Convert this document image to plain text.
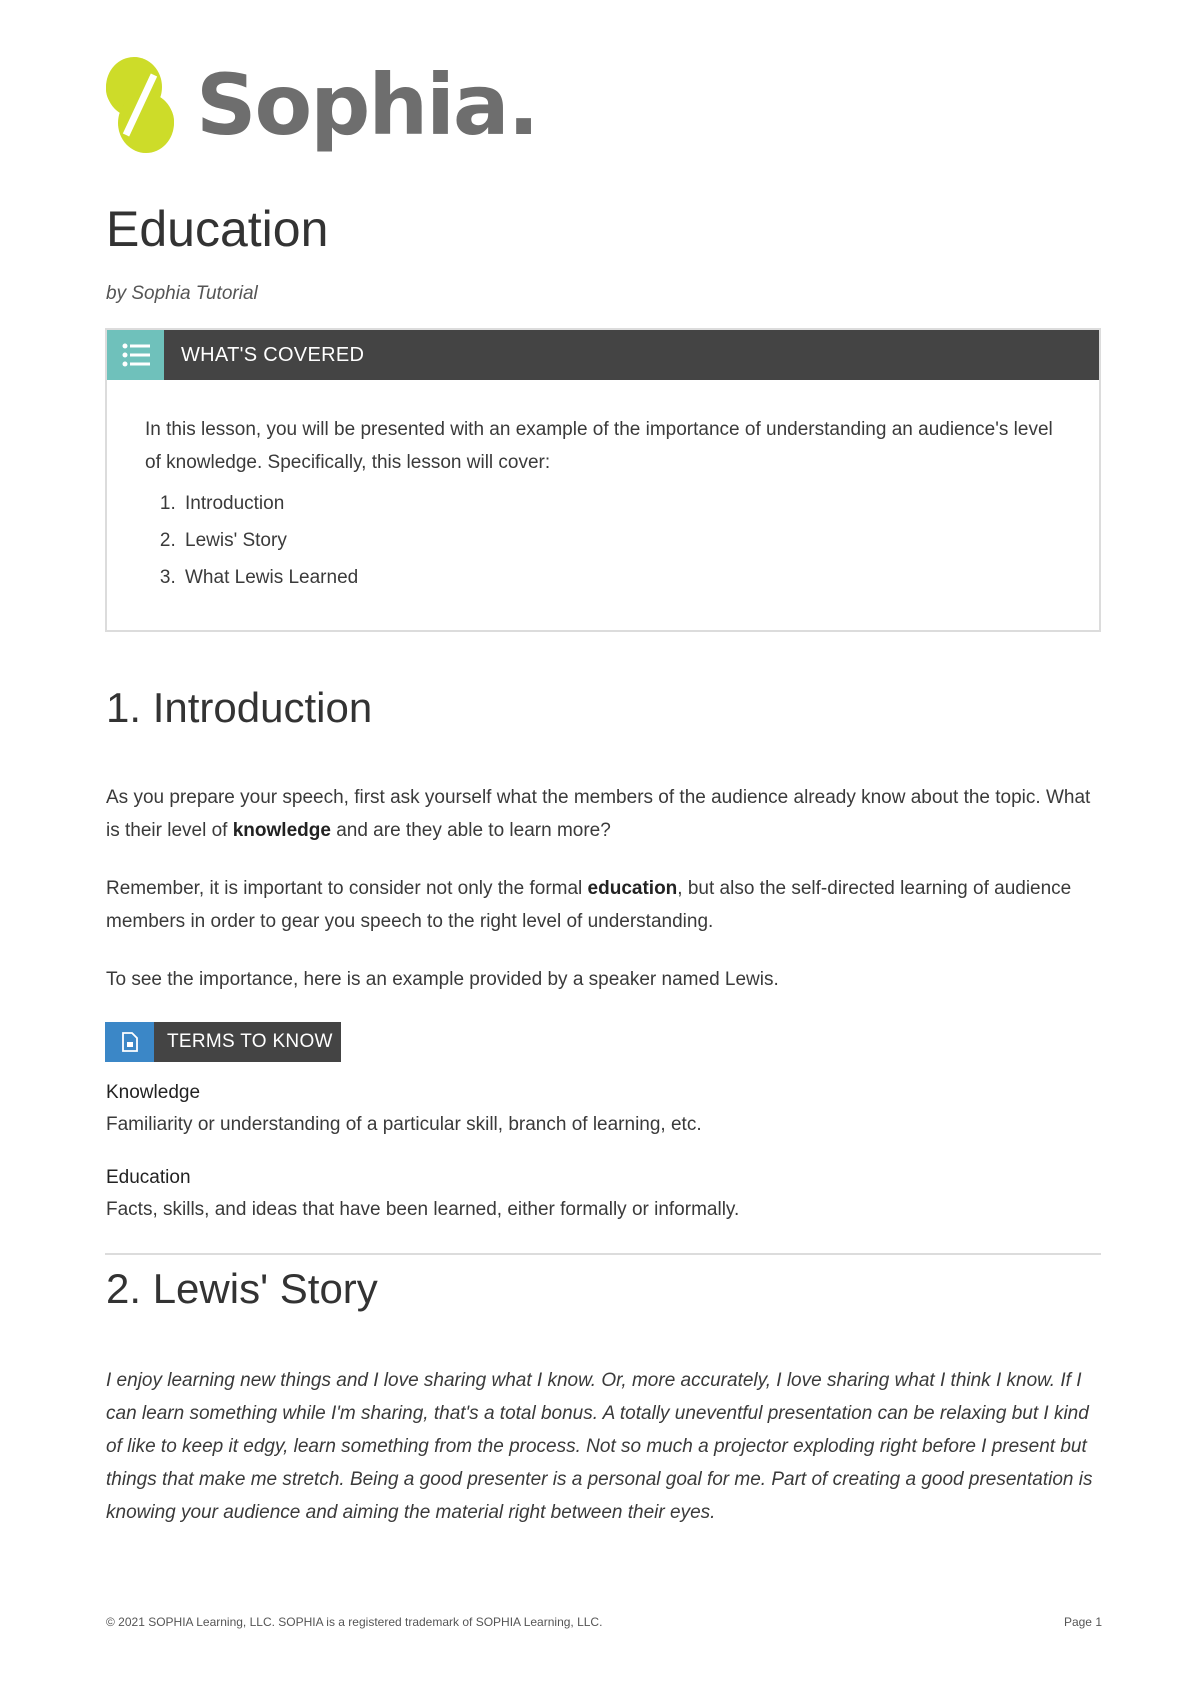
Sophia.
Education
by Sophia Tutorial
WHAT'S COVERED

In this lesson, you will be presented with an example of the importance of understanding an audience's level of knowledge. Specifically, this lesson will cover:

1. Introduction
2. Lewis' Story
3. What Lewis Learned
1. Introduction

As you prepare your speech, first ask yourself what the members of the audience already know about the topic. What is their level of knowledge and are they able to learn more?

Remember, it is important to consider not only the formal education, but also the self-directed learning of audience members in order to gear you speech to the right level of understanding.

To see the importance, here is an example provided by a speaker named Lewis.

TERMS TO KNOW
Knowledge
Familiarity or understanding of a particular skill, branch of learning, etc.
Education
Facts, skills, and ideas that have been learned, either formally or informally.
2. Lewis' Story

I enjoy learning new things and I love sharing what I know. Or, more accurately, I love sharing what I think I know. If I can learn something while I'm sharing, that's a total bonus. A totally uneventful presentation can be relaxing but I kind of like to keep it edgy, learn something from the process. Not so much a projector exploding right before I present but things that make me stretch. Being a good presenter is a personal goal for me. Part of creating a good presentation is knowing your audience and aiming the material right between their eyes.

© 2021 SOPHIA Learning, LLC. SOPHIA is a registered trademark of SOPHIA Learning, LLC.	Page 1
